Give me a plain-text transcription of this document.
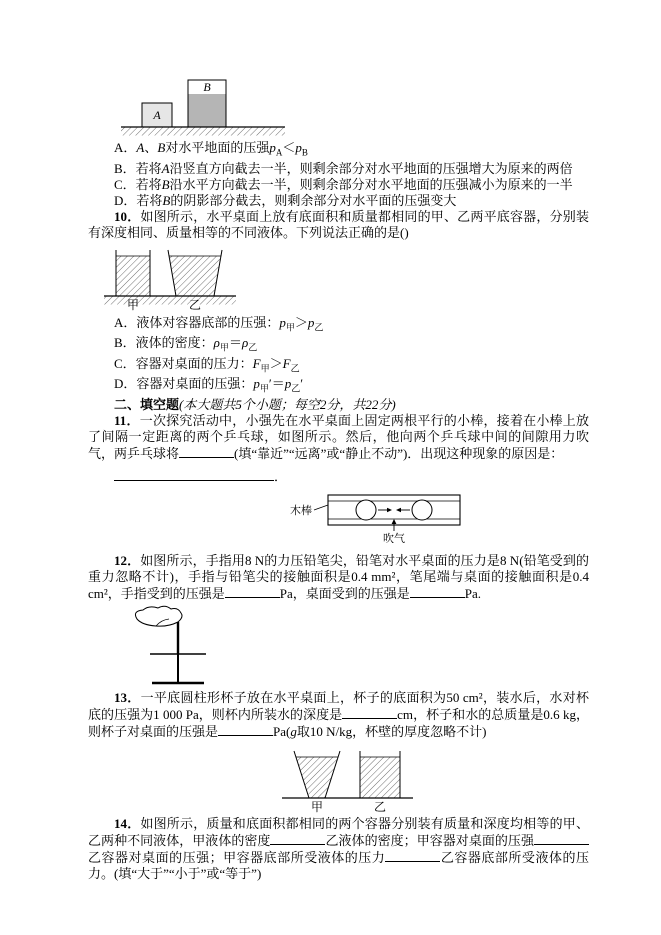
A
B

A．A、B对水平地面的压强$p_A<p_B$

B．若将A沿竖直方向截去一半，则剩余部分对水平地面的压强增大为原来的两倍

C．若将B沿水平方向截去一半，则剩余部分对水平地面的压强减小为原来的一半

D．若将B的阴影部分截去，则剩余部分对水平面的压强变大

10．如图所示，水平桌面上放有底面积和质量都相同的甲、乙两平底容器，分别装有深度相同、质量相等的不同液体。下列说法正确的是()

甲	乙

A．液体对容器底部的压强：$p_甲>p_乙$

B．液体的密度：$\rho_甲=\rho_乙$

C．容器对桌面的压力：$F_甲>F_乙$

D．容器对桌面的压强：$p_甲'=p_乙'$

二、填空题(本大题共5个小题；每空2分，共22分)

11．一次探究活动中，小强先在水平桌面上固定两根平行的小棒，接着在小棒上放了间隔一定距离的两个乒乓球，如图所示。然后，他向两个乒乓球中间的间隙用力吹气，两乒乓球将	(填“靠近”“远离”或“静止不动”)．出现这种现象的原因是：

．

木棒
吹气

12．如图所示，手指用8 N的力压铅笔尖，铅笔对水平桌面的压力是8 N(铅笔受到的重力忽略不计)，手指与铅笔尖的接触面积是0.4 mm²，笔尾端与桌面的接触面积是0.4 cm²，手指受到的压强是	Pa，桌面受到的压强是	Pa.

13．一平底圆柱形杯子放在水平桌面上，杯子的底面积为50 cm²，装水后，水对杯底的压强为1 000 Pa，则杯内所装水的深度是	cm，杯子和水的总质量是0.6 kg，则杯子对桌面的压强是	Pa(g取10 N/kg，杯壁的厚度忽略不计)

甲	乙

14．如图所示，质量和底面积都相同的两个容器分别装有质量和深度均相等的甲、乙两种不同液体，甲液体的密度	乙液体的密度；甲容器对桌面的压强乙容器对桌面的压强；甲容器底部所受液体的压力	乙容器底部所受液体的压力。(填“大于”“小于”或“等于”)
